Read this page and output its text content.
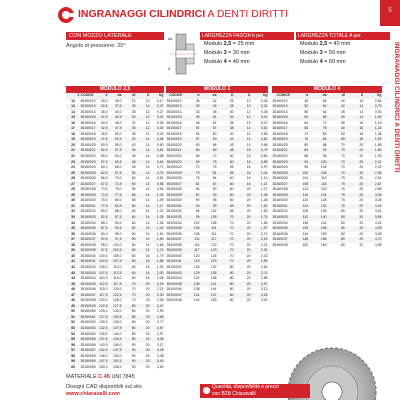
INGRANAGGI CILINDRICI A DENTI DIRITTI	5
INGRANAGGI CILINDRICI A DENTI DIRITTI
CON MOZZO LATERALE
Angolo di pressione: 20°
da
d
LARGHEZZA FASCIA b per
Modulo 2,5 = 25 mm
Modulo 3 = 30 mm
Modulo 4 = 40 mm
LARGHEZZA TOTALE A per
Modulo 2,5 = 40 mm
Modulo 3 = 50 mm
Modulo 4 = 60 mm
MODULO 2,5						
Z	CODICE	d	da	df	D	Kg
12	35150012	30,0	35,0	22	10	0,17
13	35150013	32,5	37,5	25	12	0,22
14	35150014	35,0	40,0	28	12	0,27
15	35150015	37,5	42,5	30	12	0,31
16	35150016	40,0	45,0	32	12	0,35
17	35150017	42,5	47,5	35	12	0,39
18	35150018	45,0	50,0	35	12	0,43
19	35150019	47,5	52,5	40	14	0,46
20	35150020	50,0	55,0	40	14	0,50
21	35150021	52,5	57,5	45	14	0,54
22	35150022	55,0	60,0	45	14	0,58
23	35150023	57,5	62,5	45	14	0,64
24	35150024	60,0	65,0	45	14	0,71
25	35150025	62,5	67,5	50	14	0,76
26	35150026	65,0	70,0	50	14	0,81
27	35150027	67,5	72,5	50	14	0,88
28	35150028	70,0	75,0	55	14	0,94
29	35150029	72,5	77,5	55	14	1,02
30	35150030	75,0	80,0	55	14	1,09
31	35150031	77,5	82,5	60	14	1,17
32	35150032	80,0	85,0	60	14	1,22
33	35150033	82,5	87,5	60	14	1,28
34	35150034	85,0	90,0	60	14	1,35
35	35150035	87,5	92,5	60	14	1,43
36	35150036	90,0	95,0	60	14	1,51
37	35150037	92,5	97,5	60	14	1,59
38	35150038	95,0	100,0	60	14	1,66
39	35150039	97,5	102,5	60	14	1,74
40	35150040	100,0	105,0	60	16	1,79
41	35150041	102,5	107,5	60	16	1,86
42	35150042	105,0	110,0	60	16	1,92
43	35150043	107,5	112,5	60	16	2,00
44	35150044	110,0	115,0	60	16	2,08
45	35150045	112,5	117,5	70	20	2,15
46	35150046	115,0	120,0	70	20	2,22
47	35150047	117,5	122,5	70	20	2,30
48	35150048	120,0	125,0	70	20	2,38
49	35150049	122,5	127,5	80	20	2,47
50	35150050	125,0	130,0	80	20	2,59
51	35150051	127,5	132,5	80	20	2,68
52	35150052	130,0	135,0	80	20	2,77
53	35150053	132,5	137,5	80	20	2,87
54	35150054	135,0	140,0	80	20	2,97
55	35150055	137,5	142,5	80	20	3,06
56	35150056	140,0	145,0	90	20	3,17
57	35150057	142,5	147,5	90	20	3,28
58	35150058	145,0	150,0	90	20	3,38
59	35150059	147,5	152,5	90	20	3,49
60	35150060	150,0	155,0	90	20	3,60
MODULO 3					
CODICE	d	da	D	D	Kg
35100012	36	42	25	12	0,28
35100013	39	45	28	12	0,32
35100014	42	48	30	12	0,36
35100015	45	51	32	12	0,42
35100016	48	54	35	12	0,47
35100017	51	57	38	14	0,52
35100018	54	60	40	14	0,56
35100019	57	63	42	14	0,62
35100020	60	66	45	14	0,68
35100021	63	69	48	15	0,75
35100022	66	72	50	15	0,84
35100023	69	75	50	16	0,89
35100024	72	78	55	16	0,97
35100025	75	81	55	16	1,04
35100026	78	84	60	16	1,13
35100027	81	87	60	16	1,21
35100028	84	90	60	20	1,27
35100029	87	93	60	20	1,36
35100030	90	96	60	20	1,45
35100031	93	99	65	20	1,51
35100032	96	102	65	20	1,62
35100033	99	105	70	20	1,75
35100034	102	108	70	20	1,84
35100035	105	111	70	20	1,97
35100036	108	114	70	20	2,07
35100037	111	117	70	20	2,15
35100038	114	120	70	20	2,21
35100039	117	123	70	20	2,31
35100040	120	126	70	20	2,42
35100041	123	129	70	20	2,55
35100042	126	132	80	20	2,64
35100043	129	135	80	20	2,74
35100044	132	138	80	20	2,85
35100045	135	141	80	20	2,97
35100046	138	144	80	20	3,12
35100047	141	147	80	20	3,25
35100048	144	150	80	20	3,41
MODULO 4					
CODICE	d	da	df	D	Kg
35160012	48	56	40	14	0,63
35160013	52	60	42	14	0,75
35160014	56	64	45	14	0,92
35160015	60	68	50	14	1,00
35160016	64	72	55	16	1,10
35160017	68	76	60	16	1,24
35160018	72	80	60	16	1,38
35160019	76	84	65	16	1,53
35160020	80	88	70	20	1,68
35160021	84	92	70	20	1,80
35160022	88	96	70	20	1,90
35160023	92	100	70	20	2,01
35160024	96	104	70	20	2,22
35160025	100	108	70	20	2,38
35160026	104	112	75	20	2,51
35160027	108	116	75	20	2,67
35160028	112	120	75	20	2,85
35160029	116	124	75	20	3,05
35160030	120	128	75	20	3,25
35160031	124	132	75	20	3,42
35160032	128	136	80	20	3,61
35160033	132	140	80	20	3,85
35160034	136	144	80	20	4,02
35160035	140	148	80	20	4,25
35160036	144	152	80	20	4,48
35160037	148	156	80	20	4,72
35160038	152	160	80	20	4,98
MATERIALE C 45 UNI 7845
Disegni CAD disponibili sul sito
www.chiaravalli.com
Quantità, disponibilità e prezzi
con B2B Chiaravalli
